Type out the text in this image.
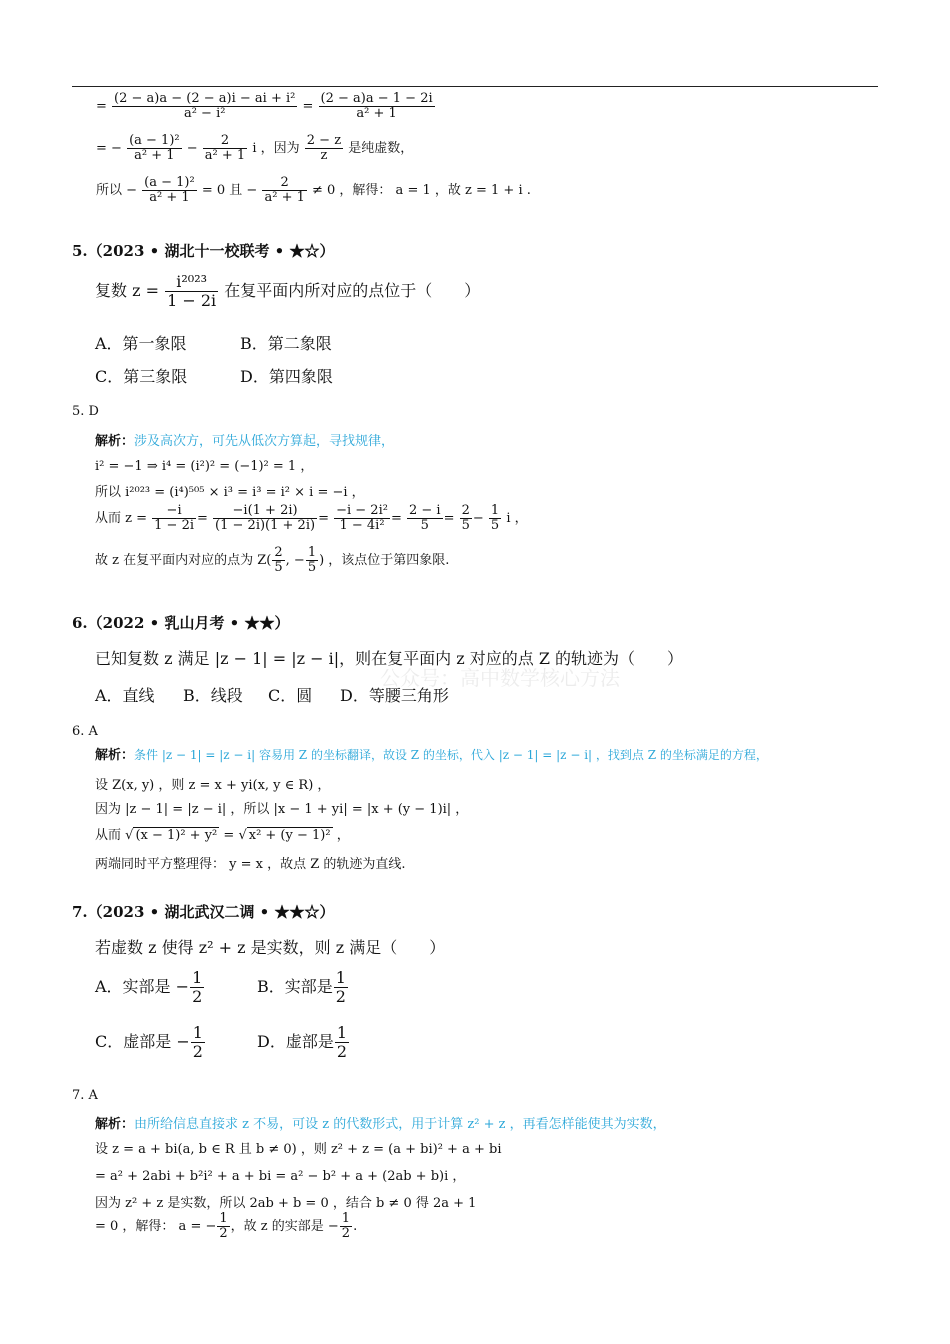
= $\frac{\text{(2 − a)a − (2 − a)i − ai + i²}}{\text{a² − i²}} = \frac{(2 - a)a - 1 - 2i}{\text{a² + 1}}$
= − $\frac{\text{(a − 1)²}}{\text{a² + 1}} - \frac{2}{\text{a² + 1}}$ i ，因为 $\frac{2 - z}{z}$ 是纯虚数，
所以 − $\frac{\text{(a − 1)²}}{\text{a² + 1}} = 0$ 且 − $\frac{2}{\text{a² + 1}} \ne 0$ ，解得： a = 1 ，故 z = 1 + i .
5.（2023 • 湖北十一校联考 • ★☆）
复数 $z = \frac{\text{i²⁰²³}}{1 - 2i}$ 在复平面内所对应的点位于（　　）
A．第一象限	B．第二象限
C．第三象限	D．第四象限
5. D
解析：涉及高次方，可先从低次方算起，寻找规律，
i² = −1 ⇒ i⁴ = (i²)² = (−1)² = 1 ，
所以 i²⁰²³ = (i⁴)⁵⁰⁵ × i³ = i³ = i² × i = −i ，
从而 $z = \frac{-i}{1 - 2i} = \frac{-i(1 + 2i)}{(1 - 2i)(1 + 2i)} = \frac{\text{−i − 2i²}}{\text{1 − 4i²}} = \frac{2 - i}{5} = \frac{2}{5} - \frac{1}{5}$ i ，
故 z 在复平面内对应的点为 $Z( \frac{2}{5}$ , − $\frac{1}{5}$ ) ，该点位于第四象限.
6.（2022 • 乳山月考 • ★★）
已知复数 z 满足 |z − 1| = |z − i|，则在复平面内 z 对应的点 Z 的轨迹为（　　）
A．直线 B．线段 C．圆 D．等腰三角形
公众号：高中数学核心方法
6. A
解析：条件 |z − 1| = |z − i| 容易用 Z 的坐标翻译，故设 Z 的坐标，代入 |z − 1| = |z − i| ，找到点 Z 的坐标满足的方程，
设 Z(x, y) ，则 z = x + yi(x, y ∈ R) ，
因为 |z − 1| = |z − i| ，所以 |x − 1 + yi| = |x + (y − 1)i| ，
从而 √ (x − 1)² + y² = √ x² + (y − 1)² ，
两端同时平方整理得： y = x ，故点 Z 的轨迹为直线.
7.（2023 • 湖北武汉二调 • ★★☆）
若虚数 z 使得 z² + z 是实数，则 z 满足（　　）
A．实部是 − $\frac{1}{2}$	B．实部是 $\frac{1}{2}$
C．虚部是 − $\frac{1}{2}$	D．虚部是 $\frac{1}{2}$
7. A
解析：由所给信息直接求 z 不易，可设 z 的代数形式，用于计算 z² + z ，再看怎样能使其为实数，
设 z = a + bi(a, b ∈ R 且 b ≠ 0) ，则 z² + z = (a + bi)² + a + bi
= a² + 2abi + b²i² + a + bi = a² − b² + a + (2ab + b)i ，
因为 z² + z 是实数，所以 2ab + b = 0 ，结合 b ≠ 0 得 2a + 1
= 0 ，解得： a = − $\frac{1}{2}$ ，故 z 的实部是 − $\frac{1}{2}$ .
